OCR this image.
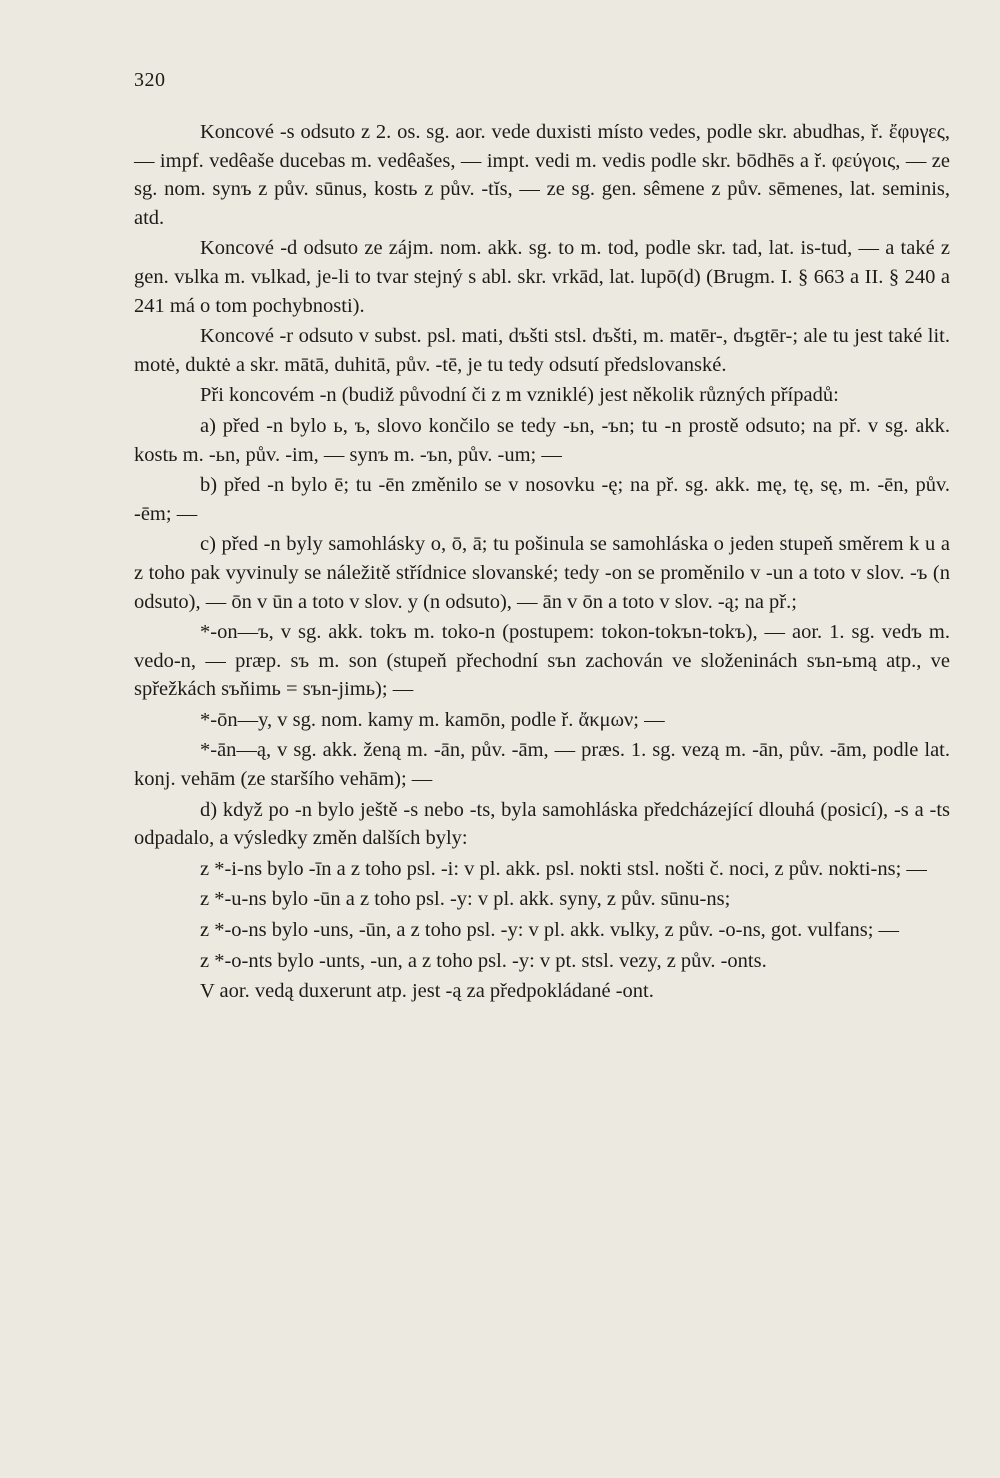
320

Koncové -s odsuto z 2. os. sg. aor. vede duxisti místo vedes, podle skr. abudhas, ř. ἔφυγες, — impf. vedêaše ducebas m. vedêašes, — impt. vedi m. vedis podle skr. bōdhēs a ř. φεύγοις, — ze sg. nom. synъ z pův. sūnus, kostь z pův. -tĭs, — ze sg. gen. sêmene z pův. sēmenes, lat. seminis, atd.

Koncové -d odsuto ze zájm. nom. akk. sg. to m. tod, podle skr. tad, lat. is-tud, — a také z gen. vьlka m. vьlkad, je-li to tvar stejný s abl. skr. vrkād, lat. lupō(d) (Brugm. I. § 663 a II. § 240 a 241 má o tom pochybnosti).

Koncové -r odsuto v subst. psl. mati, dъšti stsl. dъšti, m. matēr-, dъgtēr-; ale tu jest také lit. motė, duktė a skr. mātā, duhitā, pův. -tē, je tu tedy odsutí předslovanské.

Při koncovém -n (budiž původní či z m vzniklé) jest několik různých případů:

a) před -n bylo ь, ъ, slovo končilo se tedy -ьn, -ъn; tu -n prostě odsuto; na př. v sg. akk. kostь m. -ьn, pův. -im, — synъ m. -ъn, pův. -um; —

b) před -n bylo ē; tu -ēn změnilo se v nosovku -ę; na př. sg. akk. mę, tę, sę, m. -ēn, pův. -ēm; —

c) před -n byly samohlásky o, ō, ā; tu pošinula se samohláska o jeden stupeň směrem k u a z toho pak vyvinuly se náležitě střídnice slovanské; tedy -on se proměnilo v -un a toto v slov. -ъ (n odsuto), — ōn v ūn a toto v slov. y (n odsuto), — ān v ōn a toto v slov. -ą; na př.;

*-on—ъ, v sg. akk. tokъ m. toko-n (postupem: tokon-tokъn-tokъ), — aor. 1. sg. vedъ m. vedo-n, — præp. sъ m. son (stupeň přechodní sъn zachován ve složeninách sъn-ьmą atp., ve spřežkách sъňimь = sъn-jimь); —

*-ōn—y, v sg. nom. kamy m. kamōn, podle ř. ἄκμων; —

*-ān—ą, v sg. akk. ženą m. -ān, pův. -ām, — præs. 1. sg. vezą m. -ān, pův. -ām, podle lat. konj. vehām (ze staršího vehām); —

d) když po -n bylo ještě -s nebo -ts, byla samohláska předcházející dlouhá (posicí), -s a -ts odpadalo, a výsledky změn dalších byly:

z *-i-ns bylo -īn a z toho psl. -i: v pl. akk. psl. nokti stsl. nošti č. noci, z pův. nokti-ns; —

z *-u-ns bylo -ūn a z toho psl. -y: v pl. akk. syny, z pův. sūnu-ns;

z *-o-ns bylo -uns, -ūn, a z toho psl. -y: v pl. akk. vьlky, z pův. -o-ns, got. vulfans; —

z *-o-nts bylo -unts, -un, a z toho psl. -y: v pt. stsl. vezy, z pův. -onts.

V aor. vedą duxerunt atp. jest -ą za předpokládané -ont.
